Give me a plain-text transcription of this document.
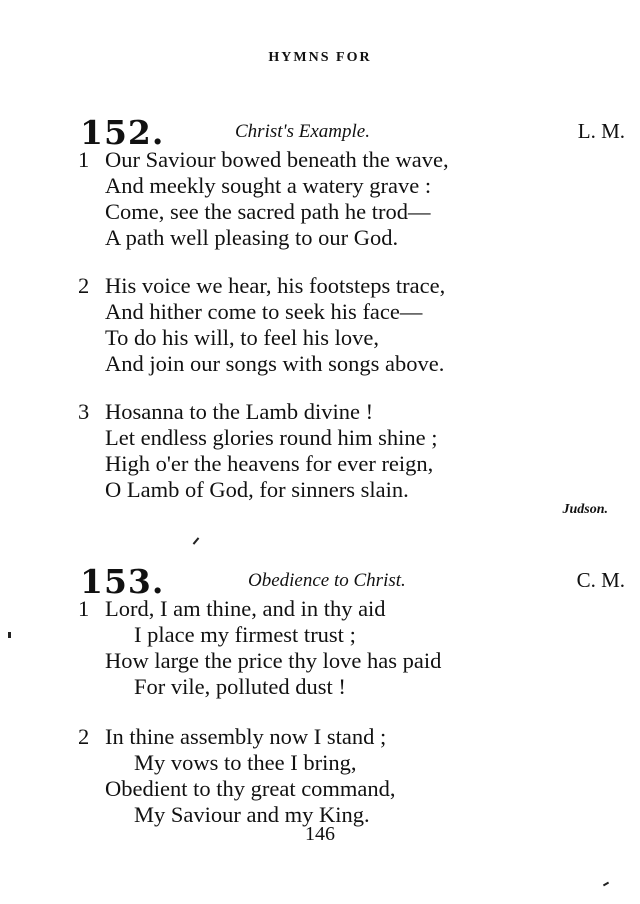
HYMNS FOR
152.	Christ's Example.	L. M.
1 Our Saviour bowed beneath the wave,
And meekly sought a watery grave :
Come, see the sacred path he trod—
A path well pleasing to our God.
2 His voice we hear, his footsteps trace,
And hither come to seek his face—
To do his will, to feel his love,
And join our songs with songs above.
3 Hosanna to the Lamb divine !
Let endless glories round him shine ;
High o'er the heavens for ever reign,
O Lamb of God, for sinners slain.
Judson.
153.	Obedience to Christ.	C. M.
1 Lord, I am thine, and in thy aid
I place my firmest trust ;
How large the price thy love has paid
For vile, polluted dust !
2 In thine assembly now I stand ;
My vows to thee I bring,
Obedient to thy great command,
My Saviour and my King.
146
